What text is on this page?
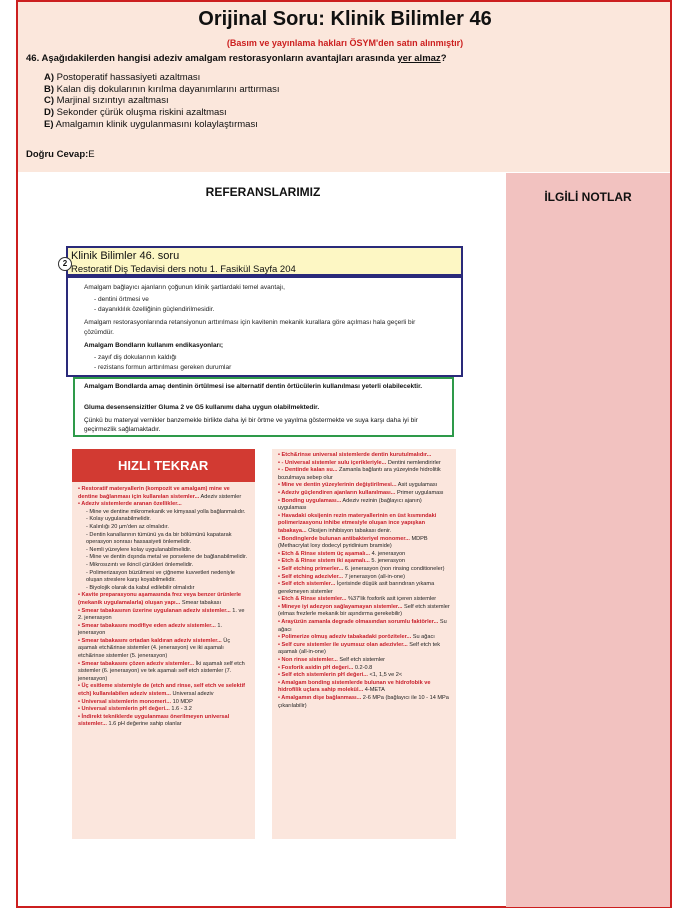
Orijinal Soru: Klinik Bilimler 46
(Basım ve yayınlama hakları ÖSYM'den satın alınmıştır)
46. Aşağıdakilerden hangisi adeziv amalgam restorasyonların avantajları arasında yer almaz?
A) Postoperatif hassasiyeti azaltması
B) Kalan diş dokularının kırılma dayanımlarını arttırması
C) Marjinal sızıntıyı azaltması
D) Sekonder çürük oluşma riskini azaltması
E) Amalgamın klinik uygulanmasını kolaylaştırması
Doğru Cevap:E
İLGİLİ NOTLAR
REFERANSLARIMIZ
Klinik Bilimler 46. soru
Restoratif Diş Tedavisi ders notu 1. Fasikül Sayfa 204
2
Amalgam bağlayıcı ajanların çoğunun klinik şartlardaki temel avantajı,
- dentini örtmesi ve
- dayanıklılık özelliğinin güçlendirilmesidir.
Amalgam restorasyonlarında retansiyonun arttırılması için kavitenin mekanik kurallara göre açılması hala geçerli bir
çözümdür.
Amalgam Bondların kullanım endikasyonları;
- zayıf diş dokularının kaldığı
- rezistans formun arttırılması gereken durumlar
Amalgam Bondlarda amaç dentinin örtülmesi ise alternatif dentin örtücülerin kullanılması yeterli olabilecektir.
Gluma desensensizitler Gluma 2 ve G5 kullanımı daha uygun olabilmektedir.
Çünkü bu materyal vernikler banzemekle birlikte daha iyi bir örtme ve yayılma göstermekte ve suya karşı daha iyi bir geçirmezlik sağlamaktadır.
HIZLI TEKRAR
• Restoratif materyallerin (kompozit ve amalgam) mine ve dentine bağlanması için kullanılan sistemler... Adeziv sistemler
• Adeziv sistemlerde aranan özellikler...
- Mine ve dentine mikromekanik ve kimyasal yolla bağlanmalıdır.
- Kolay uygulanabilmelidir.
- Kalınlığı 20 µm'den az olmalıdır.
- Dentin kanallarının tümünü ya da bir bölümünü kapatarak operasyon sonrası hassasiyeti önlemelidir.
- Nemli yüzeylere kolay uygulanabilmelidir.
- Mine ve dentin dışında metal ve porselene de bağlanabilmelidir.
- Mikrosızıntı ve ikincil çürükleri önlemelidir.
- Polimerizasyon büzülmesi ve çiğneme kuvvetleri nedeniyle oluşan streslere karşı koyabilmelidir.
- Biyolojik olarak da kabul edilebilir olmalıdır
• Kavite preparasyonu aşamasında frez veya benzer ürünlerle (mekanik uygulamalarla) oluşan yapı... Smear tabakası
• Smear tabakasının üzerine uygulanan adeziv sistemler... 1. ve 2. jenerasyon
• Smear tabakasını modifiye eden adeziv sistemler... 1. jenerasyon
• Smear tabakasını ortadan kaldıran adeziv sistemler... Üç aşamalı etch&rinse sistemler (4. jenerasyon) ve iki aşamalı etch&rinse sistemler (5. jenerasyon)
• Smear tabakasını çözen adeziv sistemler... İki aşamalı self etch sistemler (6. jenerasyon) ve tek aşamalı self etch sistemler (7. jenerasyon)
• Üç esitleme sistemiyle de (etch and rinse, self etch ve selektif etch) kullanılabilen adeziv sistem... Universal adeziv
• Universal sistemlerin monomeri... 10 MDP
• Universal sistemlerin pH değeri... 1.6 - 3.2
• İndirekt tekniklerde uygulanması önerilmeyen universal sistemler... 1.6 pH değerine sahip olanlar
• Etch&rinse universal sistemlerde dentin kurutulmalıdır...
• - Universal sistemler sulu içerikleriyle... Dentini nemlendirirler
• - Dentinde kalan su... Zamanla bağlantı ara yüzeyinde hidrolitik bozulmaya sebep olur
• Mine ve dentin yüzeylerinin değiştirilmesi... Asit uygulaması
• Adeziv güçlendiren ajanların kullanılması... Primer uygulaması
• Bonding uygulaması... Adeziv rezinin (bağlayıcı ajanın) uygulaması
• Havadaki oksijenin rezin materyallerinin en üst kısmındaki polimerizasyonu inhibe etmesiyle oluşan ince yapışkan tabakaya... Oksijen inhibisyon tabakası denir.
• Bondinglerde bulunan antibakteriyel monomer... MDPB (Methacrylat loxy dodecyl pyridinium bramide)
• Etch & Rinse sistem üç aşamalı... 4. jenerasyon
• Etch & Rinse sistem iki aşamalı... 5. jenerasyon
• Self etching primerler... 6. jenerasyon (non rinsing conditioneler)
• Self etching adezivler... 7 jenerasyon (all-in-one)
• Self etch sistemler... İçerisinde düşük asit barındıran yıkama gerekmeyen sistemler
• Etch & Rinse sistemler... %37'lik fosforik asit içeren sistemler
• Mineye iyi adezyon sağlayamayan sistemler... Self etch sistemler (elmas frezlerle mekanik bir aşındırma gerekebilir)
• Arayüzün zamanla degrade olmasından sorumlu faktörler... Su ağacı
• Polimerize olmuş adeziv tabakadaki poröziteler... Su ağacı
• Self cure sistemler ile uyumsuz olan adezivler... Self etch tek aşamalı (all-in-one)
• Non rinse sistemler... Self etch sistemler
• Fosforik asidin pH değeri... 0.2-0.8
• Self etch sistemlerin pH değeri... <1, 1,5 ve 2<
• Amalgam bonding sistemlerde bulunan ve hidrofobik ve hidrofilik uçlara sahip molekül... 4-META
• Amalgamın dişe bağlanması... 2-6 MPa (bağlayıcı ile 10 - 14 MPa çıkarılabilir)
